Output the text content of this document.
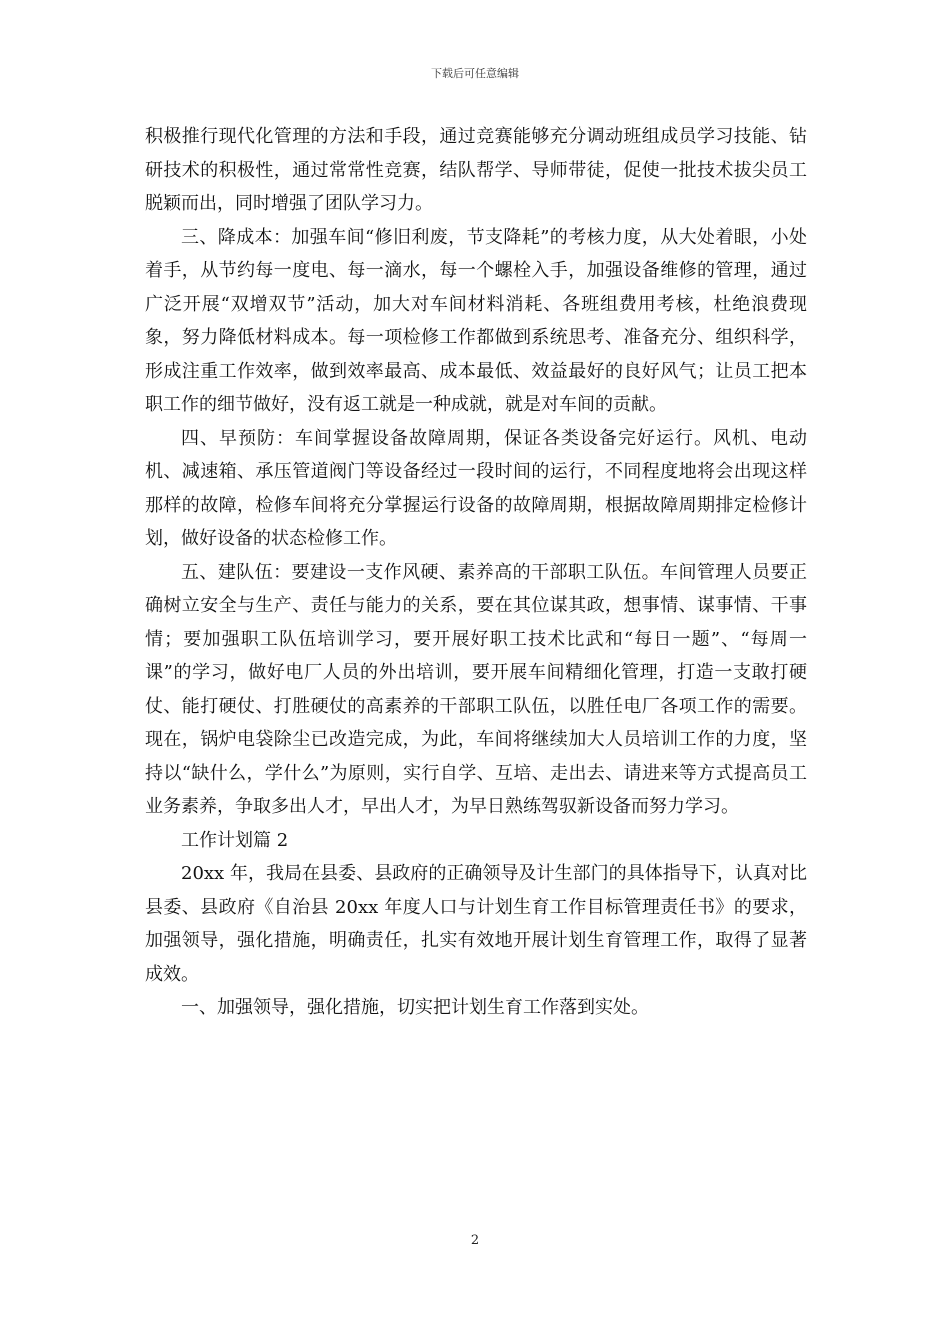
下载后可任意编辑

积极推行现代化管理的方法和手段，通过竞赛能够充分调动班组成员学习技能、钻研技术的积极性，通过常常性竞赛，结队帮学、导师带徒，促使一批技术拔尖员工脱颖而出，同时增强了团队学习力。

三、降成本：加强车间“修旧利废，节支降耗”的考核力度，从大处着眼，小处着手，从节约每一度电、每一滴水，每一个螺栓入手，加强设备维修的管理，通过广泛开展“双增双节”活动，加大对车间材料消耗、各班组费用考核，杜绝浪费现象，努力降低材料成本。每一项检修工作都做到系统思考、准备充分、组织科学，形成注重工作效率，做到效率最高、成本最低、效益最好的良好风气；让员工把本职工作的细节做好，没有返工就是一种成就，就是对车间的贡献。

四、早预防：车间掌握设备故障周期，保证各类设备完好运行。风机、电动机、减速箱、承压管道阀门等设备经过一段时间的运行，不同程度地将会出现这样那样的故障，检修车间将充分掌握运行设备的故障周期，根据故障周期排定检修计划，做好设备的状态检修工作。

五、建队伍：要建设一支作风硬、素养高的干部职工队伍。车间管理人员要正确树立安全与生产、责任与能力的关系，要在其位谋其政，想事情、谋事情、干事情；要加强职工队伍培训学习，要开展好职工技术比武和“每日一题”、“每周一课”的学习，做好电厂人员的外出培训，要开展车间精细化管理，打造一支敢打硬仗、能打硬仗、打胜硬仗的高素养的干部职工队伍，以胜任电厂各项工作的需要。现在，锅炉电袋除尘已改造完成，为此，车间将继续加大人员培训工作的力度，坚持以“缺什么，学什么”为原则，实行自学、互培、走出去、请进来等方式提高员工业务素养，争取多出人才，早出人才，为早日熟练驾驭新设备而努力学习。

工作计划篇 2

20xx 年，我局在县委、县政府的正确领导及计生部门的具体指导下，认真对比县委、县政府《自治县 20xx 年度人口与计划生育工作目标管理责任书》的要求，加强领导，强化措施，明确责任，扎实有效地开展计划生育管理工作，取得了显著成效。

一、加强领导，强化措施，切实把计划生育工作落到实处。

2
